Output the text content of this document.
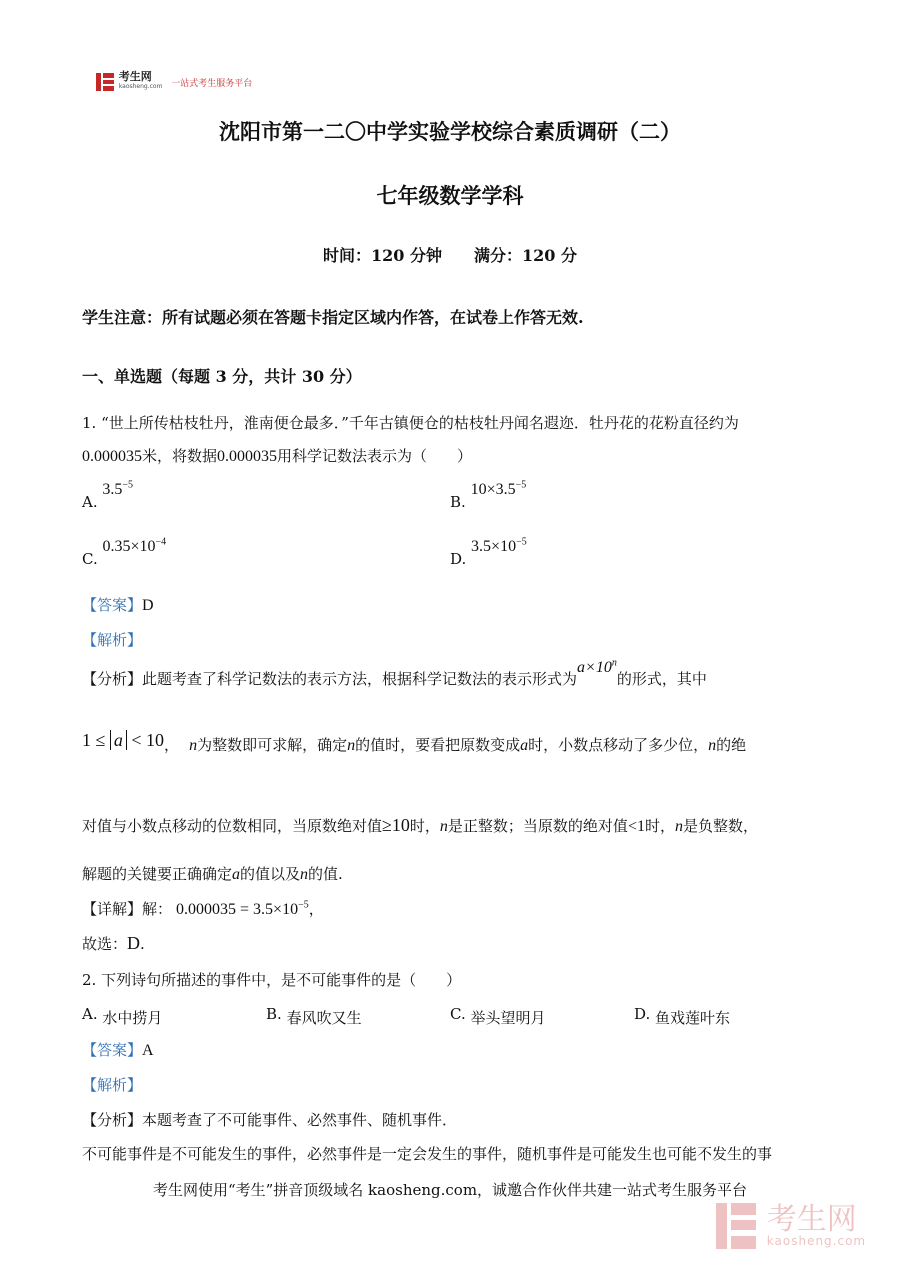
考生网
kaosheng.com 一站式考生服务平台
沈阳市第一二〇中学实验学校综合素质调研（二）
七年级数学学科
时间：120 分钟　　满分：120 分
学生注意：所有试题必须在答题卡指定区域内作答，在试卷上作答无效.
一、单选题（每题 3 分，共计 30 分）
1. “世上所传枯枝牡丹，淮南便仓最多．”千年古镇便仓的枯枝牡丹闻名遐迩．牡丹花的花粉直径约为
0.000035米，将数据0.000035用科学记数法表示为（　　）
A. $3.5^{-5}$
B. $10\times 3.5^{-5}$
C. $0.35\times 10^{-4}$
D. $3.5\times 10^{-5}$
【答案】D
【解析】
【分析】此题考查了科学记数法的表示方法，根据科学记数法的表示形式为$a\times 10^n$的形式，其中
1 ≤ a < 10， n为整数即可求解，确定n的值时，要看把原数变成a时，小数点移动了多少位，n的绝
对值与小数点移动的位数相同，当原数绝对值≥10时，n是正整数；当原数的绝对值<1时，n是负整数，
解题的关键要正确确定a的值以及n的值.
【详解】解： $0.000035 = 3.5\times 10^{-5}$，
故选：D.
2. 下列诗句所描述的事件中，是不可能事件的是（　　）
A. 水中捞月	B. 春风吹又生	C. 举头望明月	D. 鱼戏莲叶东
【答案】A
【解析】
【分析】本题考查了不可能事件、必然事件、随机事件．
不可能事件是不可能发生的事件，必然事件是一定会发生的事件，随机事件是可能发生也可能不发生的事
考生网使用“考生”拼音顶级域名 kaosheng.com，诚邀合作伙伴共建一站式考生服务平台

考生网
kaosheng.com
